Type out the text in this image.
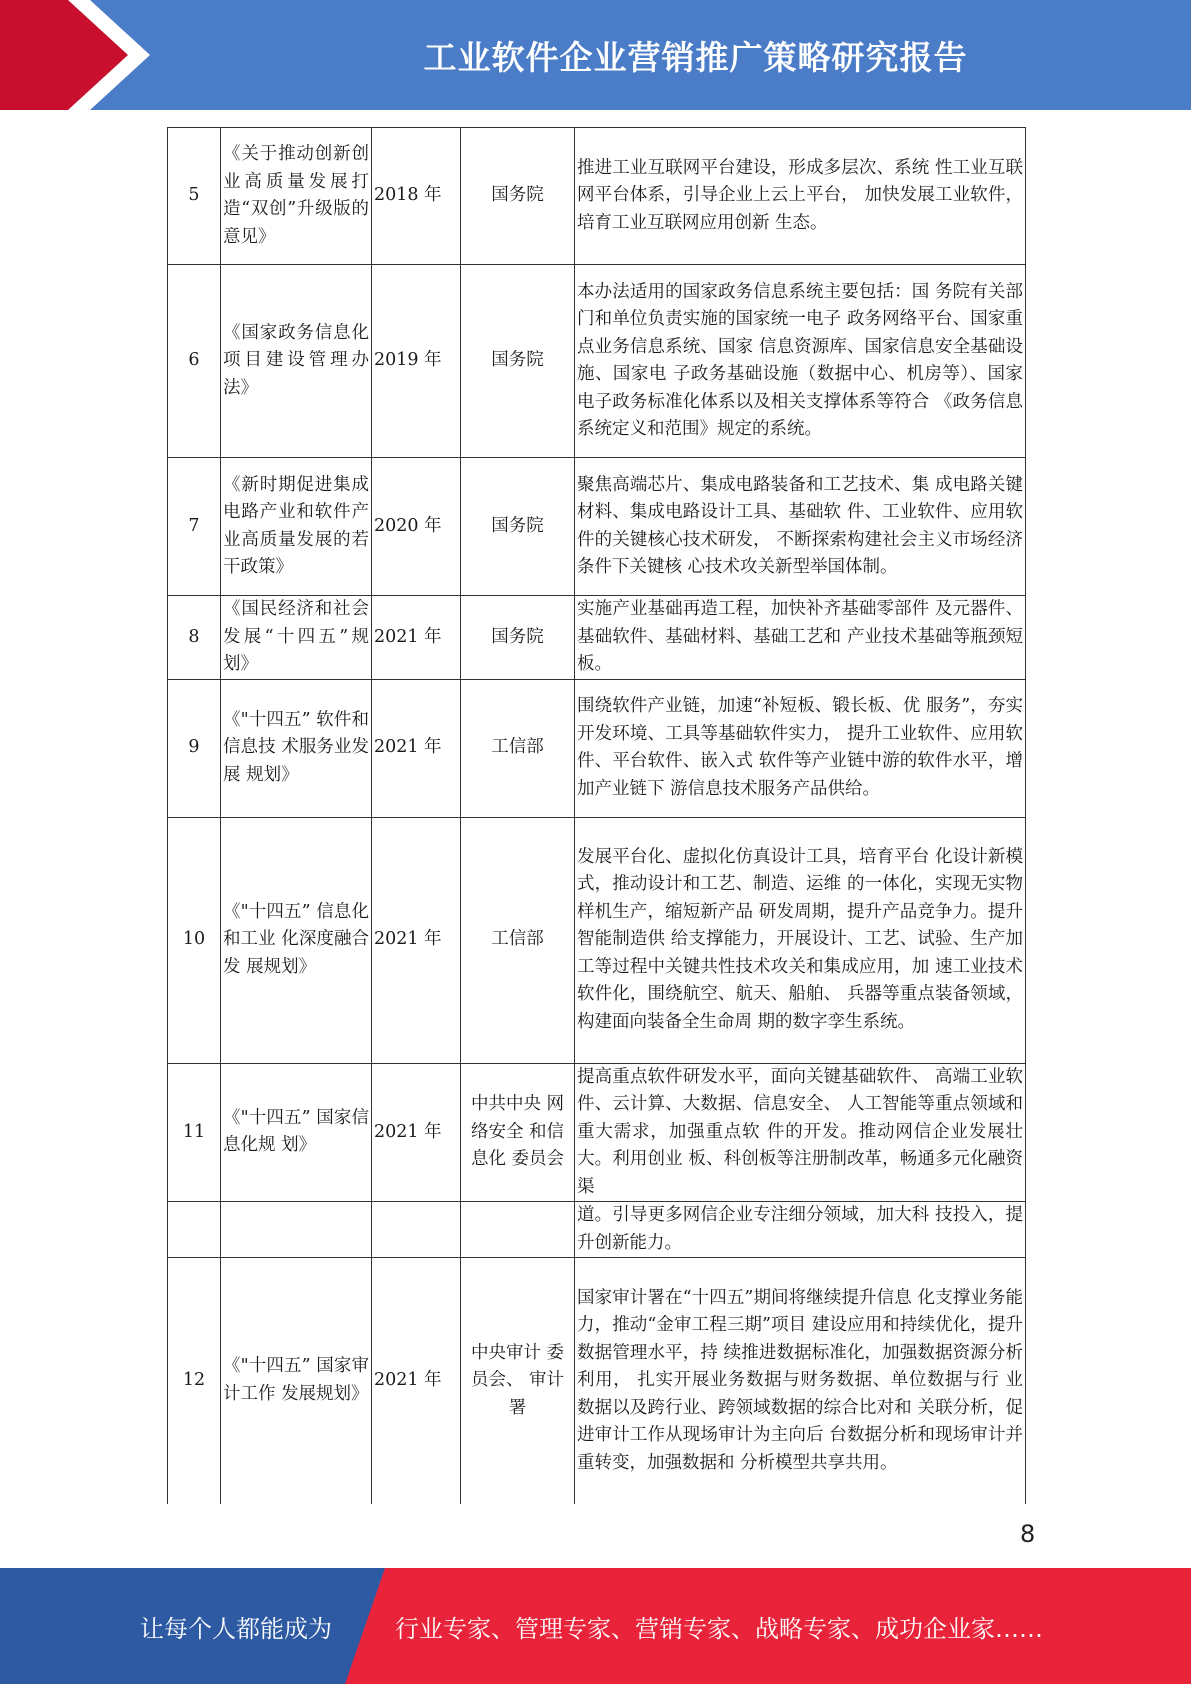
工业软件企业营销推广策略研究报告
5	《关于推动创新创业高质量发展打造“双创”升级版的 意见》	2018 年	国务院	推进工业互联网平台建设，形成多层次、系统 性工业互联网平台体系，引导企业上云上平台， 加快发展工业软件，培育工业互联网应用创新 生态。
6	《国家政务信息化项目建设管理办法》	2019 年	国务院	本办法适用的国家政务信息系统主要包括：国 务院有关部门和单位负责实施的国家统一电子 政务网络平台、国家重点业务信息系统、国家 信息资源库、国家信息安全基础设施、国家电 子政务基础设施（数据中心、机房等）、国家 电子政务标准化体系以及相关支撑体系等符合 《政务信息系统定义和范围》规定的系统。
7	《新时期促进集成电路产业和软件产业高质量发展的若干政策》	2020 年	国务院	聚焦高端芯片、集成电路装备和工艺技术、集 成电路关键材料、集成电路设计工具、基础软 件、工业软件、应用软件的关键核心技术研发， 不断探索构建社会主义市场经济条件下关键核 心技术攻关新型举国体制。
8	《国民经济和社会发展“十四五”规划》	2021 年	国务院	实施产业基础再造工程，加快补齐基础零部件 及元器件、基础软件、基础材料、基础工艺和 产业技术基础等瓶颈短板。
9	《"十四五” 软件和信息技 术服务业发展 规划》	2021 年	工信部	围绕软件产业链，加速“补短板、锻长板、优 服务”，夯实开发环境、工具等基础软件实力， 提升工业软件、应用软件、平台软件、嵌入式 软件等产业链中游的软件水平，增加产业链下 游信息技术服务产品供给。
10	《"十四五” 信息化和工业 化深度融合发 展规划》	2021 年	工信部	发展平台化、虚拟化仿真设计工具，培育平台 化设计新模式，推动设计和工艺、制造、运维 的一体化，实现无实物样机生产，缩短新产品 研发周期，提升产品竞争力。提升智能制造供 给支撑能力，开展设计、工艺、试验、生产加 工等过程中关键共性技术攻关和集成应用，加 速工业技术软件化，围绕航空、航天、船舶、 兵器等重点装备领域，构建面向装备全生命周 期的数字孪生系统。
11	《"十四五” 国家信息化规 划》	2021 年	中共中央 网络安全 和信息化 委员会	提高重点软件研发水平，面向关键基础软件、 高端工业软件、云计算、大数据、信息安全、 人工智能等重点领域和重大需求，加强重点软 件的开发。推动网信企业发展壮大。利用创业 板、科创板等注册制改革，畅通多元化融资渠
				道。引导更多网信企业专注细分领域，加大科 技投入，提升创新能力。
12	《"十四五” 国家审计工作 发展规划》	2021 年	中央审计 委员会、 审计署	国家审计署在“十四五”期间将继续提升信息 化支撑业务能力，推动“金审工程三期”项目 建设应用和持续优化，提升数据管理水平，持 续推进数据标准化，加强数据资源分析利用， 扎实开展业务数据与财务数据、单位数据与行 业数据以及跨行业、跨领域数据的综合比对和 关联分析，促进审计工作从现场审计为主向后 台数据分析和现场审计并重转变，加强数据和 分析模型共享共用。
8
让每个人都能成为	行业专家、管理专家、营销专家、战略专家、成功企业家……
